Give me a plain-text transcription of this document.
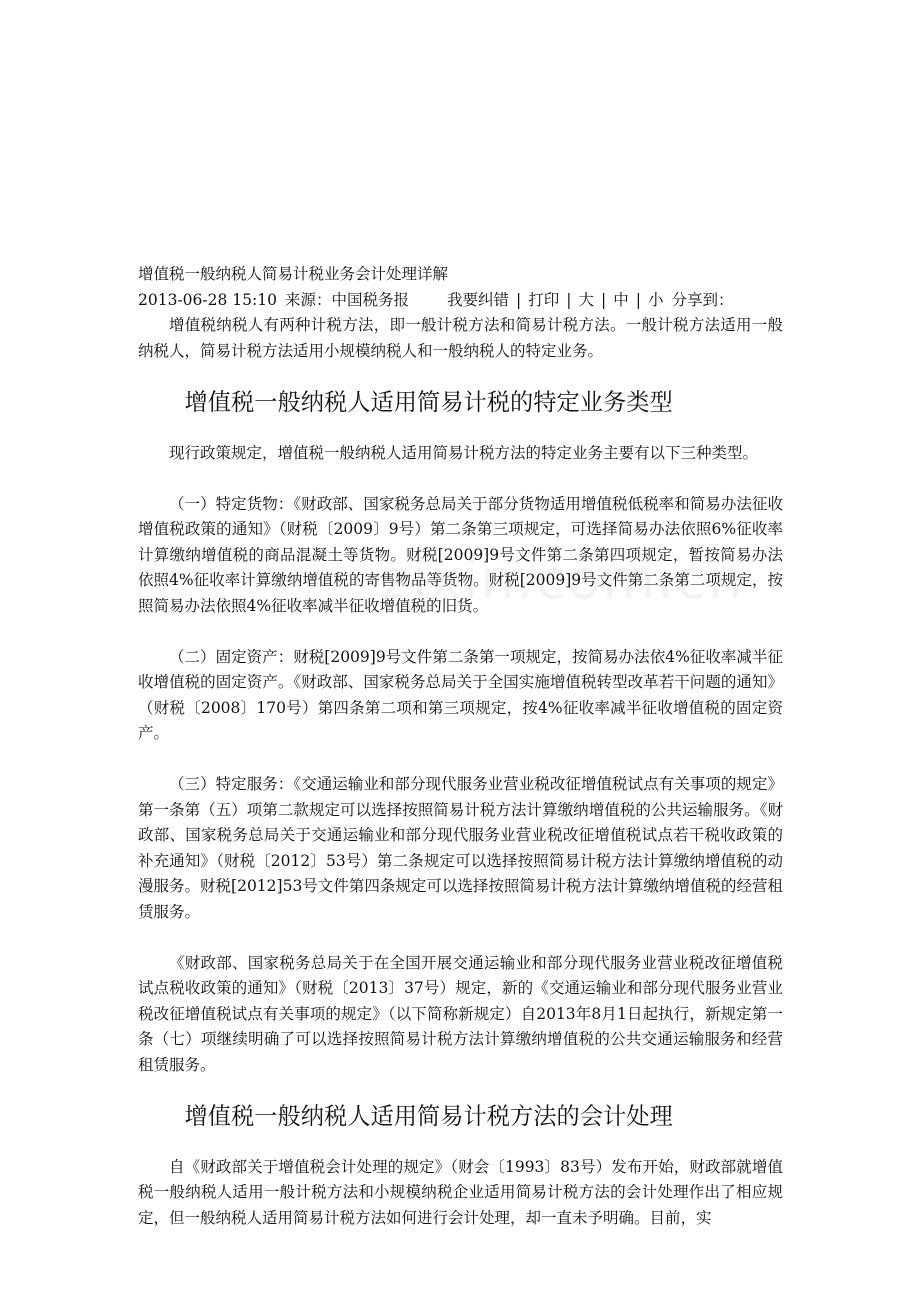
增值税一般纳税人简易计税业务会计处理详解
2013-06-28 15:10 来源：中国税务报 我要纠错 | 打印 | 大 | 中 | 小 分享到：

增值税纳税人有两种计税方法，即一般计税方法和简易计税方法。一般计税方法适用一般纳税人，简易计税方法适用小规模纳税人和一般纳税人的特定业务。

增值税一般纳税人适用简易计税的特定业务类型

现行政策规定，增值税一般纳税人适用简易计税方法的特定业务主要有以下三种类型。

（一）特定货物：《财政部、国家税务总局关于部分货物适用增值税低税率和简易办法征收增值税政策的通知》（财税〔2009〕9号）第二条第三项规定，可选择简易办法依照6%征收率计算缴纳增值税的商品混凝土等货物。财税[2009]9号文件第二条第四项规定，暂按简易办法依照4%征收率计算缴纳增值税的寄售物品等货物。财税[2009]9号文件第二条第二项规定，按照简易办法依照4%征收率减半征收增值税的旧货。

（二）固定资产：财税[2009]9号文件第二条第一项规定，按简易办法依4%征收率减半征收增值税的固定资产。《财政部、国家税务总局关于全国实施增值税转型改革若干问题的通知》（财税〔2008〕170号）第四条第二项和第三项规定，按4%征收率减半征收增值税的固定资产。

（三）特定服务：《交通运输业和部分现代服务业营业税改征增值税试点有关事项的规定》第一条第（五）项第二款规定可以选择按照简易计税方法计算缴纳增值税的公共运输服务。《财政部、国家税务总局关于交通运输业和部分现代服务业营业税改征增值税试点若干税收政策的补充通知》（财税〔2012〕53号）第二条规定可以选择按照简易计税方法计算缴纳增值税的动漫服务。财税[2012]53号文件第四条规定可以选择按照简易计税方法计算缴纳增值税的经营租赁服务。

《财政部、国家税务总局关于在全国开展交通运输业和部分现代服务业营业税改征增值税试点税收政策的通知》（财税〔2013〕37号）规定，新的《交通运输业和部分现代服务业营业税改征增值税试点有关事项的规定》（以下简称新规定）自2013年8月1日起执行，新规定第一条（七）项继续明确了可以选择按照简易计税方法计算缴纳增值税的公共交通运输服务和经营租赁服务。

增值税一般纳税人适用简易计税方法的会计处理

自《财政部关于增值税会计处理的规定》（财会〔1993〕83号）发布开始，财政部就增值税一般纳税人适用一般计税方法和小规模纳税企业适用简易计税方法的会计处理作出了相应规定，但一般纳税人适用简易计税方法如何进行会计处理，却一直未予明确。目前，实
